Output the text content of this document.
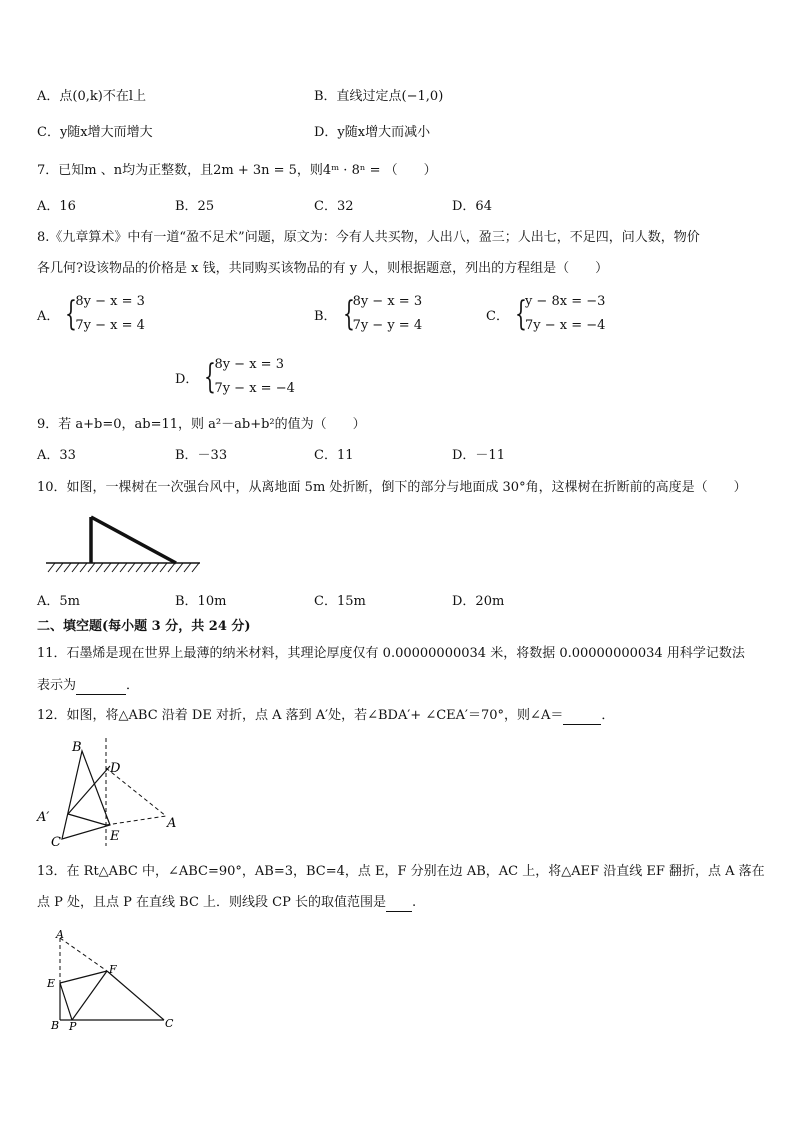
A．点(0,k)不在l上	B．直线过定点(−1,0)
C．y随x增大而增大	D．y随x增大而减小
7．已知m 、n均为正整数，且2m + 3n = 5，则4ᵐ · 8ⁿ = （　　）
A．16	B．25	C．32	D．64
8.《九章算术》中有一道“盈不足术”问题，原文为：今有人共买物，人出八，盈三；人出七，不足四，问人数，物价
各几何?设该物品的价格是 x 钱，共同购买该物品的有 y 人，则根据题意，列出的方程组是（　　）
A． {
8y − x = 3
7y − x = 4
B． {
8y − x = 3
7y − y = 4
C． {
y − 8x = −3
7y − x = −4
D． {
8y − x = 3
7y − x = −4
9．若 a+b=0，ab=11，则 a²－ab+b²的值为（　　）
A．33	B．－33	C．11	D．－11
10．如图，一棵树在一次强台风中，从离地面 5m 处折断，倒下的部分与地面成 30°角，这棵树在折断前的高度是（　　）
A．5m	B．10m	C．15m	D．20m
二、填空题(每小题 3 分，共 24 分)
11．石墨烯是现在世界上最薄的纳米材料，其理论厚度仅有 0.00000000034 米，将数据 0.00000000034 用科学记数法
表示为	．
12．如图，将△ABC 沿着 DE 对折，点 A 落到 A′处，若∠BDA′+ ∠CEA′＝70°，则∠A＝	．
B
D
A′	A
E
C
13．在 Rt△ABC 中，∠ABC=90°，AB=3，BC=4，点 E，F 分别在边 AB，AC 上，将△AEF 沿直线 EF 翻折，点 A 落在
点 P 处，且点 P 在直线 BC 上．则线段 CP 长的取值范围是 .
A
E
F
B P	C
